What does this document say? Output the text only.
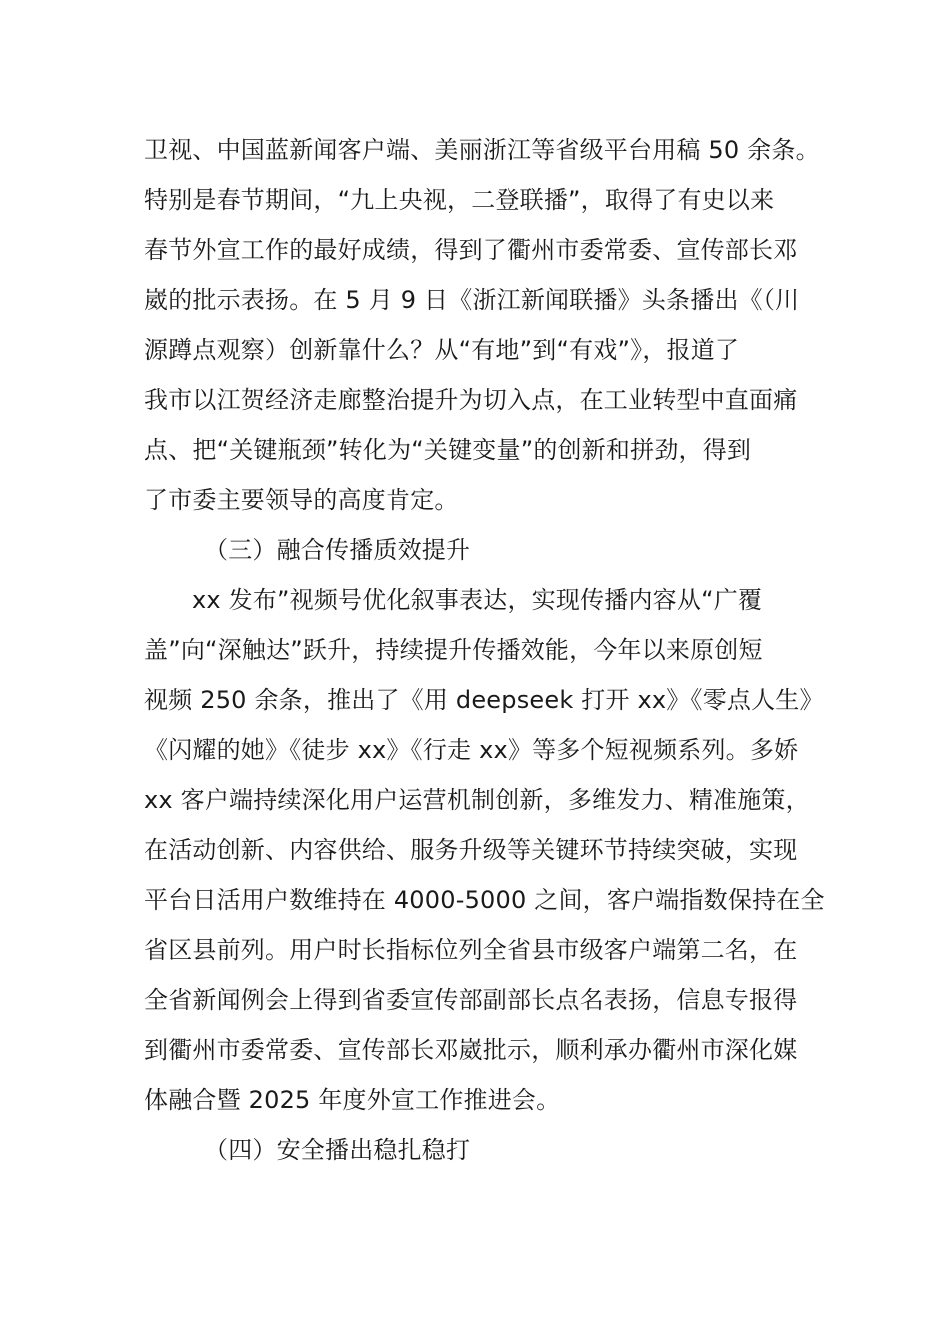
卫视、中国蓝新闻客户端、美丽浙江等省级平台用稿 50 余条。
特别是春节期间，“九上央视，二登联播”，取得了有史以来
春节外宣工作的最好成绩，得到了衢州市委常委、宣传部长邓
崴的批示表扬。在 5 月 9 日《浙江新闻联播》头条播出《（川
源蹲点观察）创新靠什么？从“有地”到“有戏”》，报道了
我市以江贺经济走廊整治提升为切入点，在工业转型中直面痛
点、把“关键瓶颈”转化为“关键变量”的创新和拼劲，得到
了市委主要领导的高度肯定。
（三）融合传播质效提升
xx 发布”视频号优化叙事表达，实现传播内容从“广覆
盖”向“深触达”跃升，持续提升传播效能，今年以来原创短
视频 250 余条，推出了《用 deepseek 打开 xx》《零点人生》
《闪耀的她》《徒步 xx》《行走 xx》等多个短视频系列。多娇
xx 客户端持续深化用户运营机制创新，多维发力、精准施策，
在活动创新、内容供给、服务升级等关键环节持续突破，实现
平台日活用户数维持在 4000-5000 之间，客户端指数保持在全
省区县前列。用户时长指标位列全省县市级客户端第二名，在
全省新闻例会上得到省委宣传部副部长点名表扬，信息专报得
到衢州市委常委、宣传部长邓崴批示，顺利承办衢州市深化媒
体融合暨 2025 年度外宣工作推进会。
（四）安全播出稳扎稳打
